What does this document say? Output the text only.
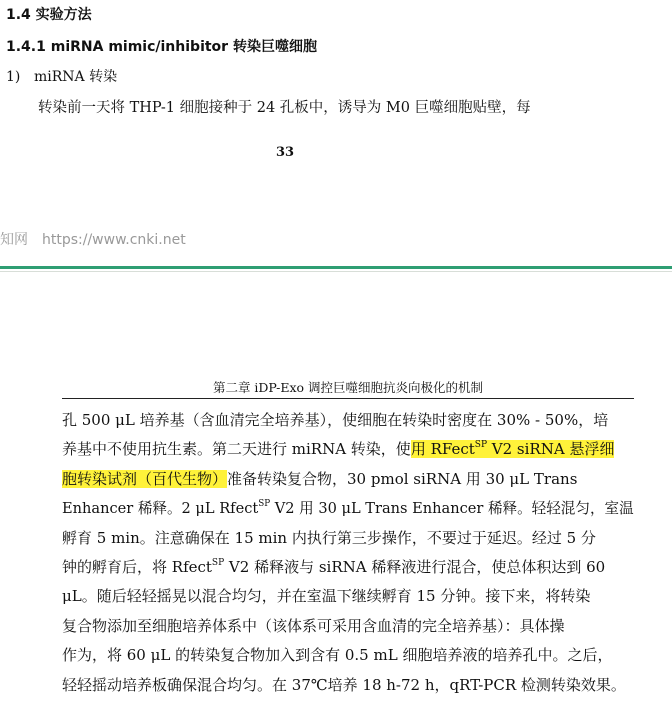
1.4 实验方法
1.4.1 miRNA mimic/inhibitor 转染巨噬细胞
1) miRNA 转染
转染前一天将 THP-1 细胞接种于 24 孔板中，诱导为 M0 巨噬细胞贴壁，每
33
知网 https://www.cnki.net
第二章 iDP-Exo 调控巨噬细胞抗炎向极化的机制
孔 500 μL 培养基（含血清完全培养基），使细胞在转染时密度在 30% - 50%，培
养基中不使用抗生素。第二天进行 miRNA 转染，使用 RFect$^{SP}$ V2 siRNA 悬浮细
胞转染试剂（百代生物）准备转染复合物，30 pmol siRNA 用 30 μL Trans
Enhancer 稀释。2 μL Rfect$^{SP}$ V2 用 30 μL Trans Enhancer 稀释。轻轻混匀，室温
孵育 5 min。注意确保在 15 min 内执行第三步操作，不要过于延迟。经过 5 分
钟的孵育后，将 Rfect$^{SP}$ V2 稀释液与 siRNA 稀释液进行混合，使总体积达到 60
μL。随后轻轻摇晃以混合均匀，并在室温下继续孵育 15 分钟。接下来，将转染
复合物添加至细胞培养体系中（该体系可采用含血清的完全培养基）：具体操
作为，将 60 μL 的转染复合物加入到含有 0.5 mL 细胞培养液的培养孔中。之后，
轻轻摇动培养板确保混合均匀。在 37℃培养 18 h-72 h，qRT-PCR 检测转染效果。
